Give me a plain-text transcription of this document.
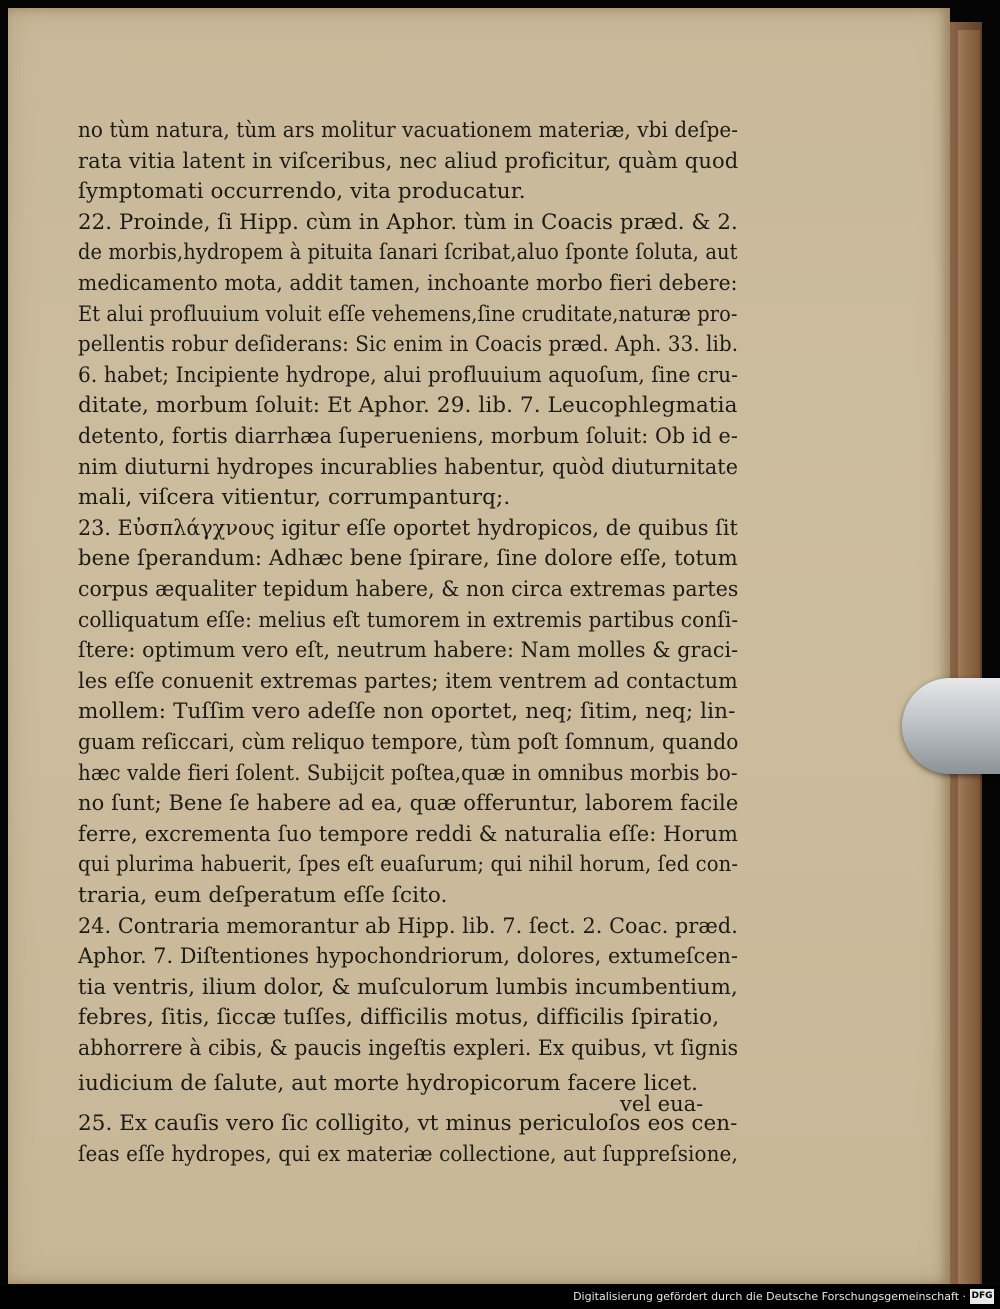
no tùm natura, tùm ars molitur vacuationem materiæ, vbi deſpe-
rata vitia latent in viſceribus, nec aliud proficitur, quàm quod
ſymptomati occurrendo, vita producatur.
22. Proinde, ſi Hipp. cùm in Aphor. tùm in Coacis præd. & 2.
de morbis,hydropem à pituita ſanari ſcribat,aluo ſponte ſoluta, aut
medicamento mota, addit tamen, inchoante morbo fieri debere:
Et alui profluuium voluit eſſe vehemens,ſine cruditate,naturæ pro-
pellentis robur deſiderans: Sic enim in Coacis præd. Aph. 33. lib.
6. habet; Incipiente hydrope, alui profluuium aquoſum, ſine cru-
ditate, morbum ſoluit: Et Aphor. 29. lib. 7. Leucophlegmatia
detento, fortis diarrhæa ſuperueniens, morbum ſoluit: Ob id e-
nim diuturni hydropes incurablies habentur, quòd diuturnitate
mali, viſcera vitientur, corrumpanturq;.
23. Εὐσπλάγχνους igitur eſſe oportet hydropicos, de quibus ſit
bene ſperandum: Adhæc bene ſpirare, ſine dolore eſſe, totum
corpus æqualiter tepidum habere, & non circa extremas partes
colliquatum eſſe: melius eſt tumorem in extremis partibus conſi-
ſtere: optimum vero eſt, neutrum habere: Nam molles & graci-
les eſſe conuenit extremas partes; item ventrem ad contactum
mollem: Tuſſim vero adeſſe non oportet, neq; ſitim, neq; lin-
guam reſiccari, cùm reliquo tempore, tùm poſt ſomnum, quando
hæc valde fieri ſolent. Subijcit poſtea,quæ in omnibus morbis bo-
no ſunt; Bene ſe habere ad ea, quæ offeruntur, laborem facile
ferre, excrementa ſuo tempore reddi & naturalia eſſe: Horum
qui plurima habuerit, ſpes eſt euaſurum; qui nihil horum, ſed con-
traria, eum deſperatum eſſe ſcito.
24. Contraria memorantur ab Hipp. lib. 7. ſect. 2. Coac. præd.
Aphor. 7. Diſtentiones hypochondriorum, dolores, extumeſcen-
tia ventris, ilium dolor, & muſculorum lumbis incumbentium,
febres, ſitis, ſiccæ tuſſes, difficilis motus, difficilis ſpiratio,
abhorrere à cibis, & paucis ingeſtis expleri. Ex quibus, vt ſignis
iudicium de ſalute, aut morte hydropicorum facere licet.
25. Ex cauſis vero ſic colligito, vt minus periculoſos eos cen-
ſeas eſſe hydropes, qui ex materiæ collectione, aut ſuppreſsione,
vel eua-
Digitalisierung gefördert durch die Deutsche Forschungsgemeinschaft · DFG
